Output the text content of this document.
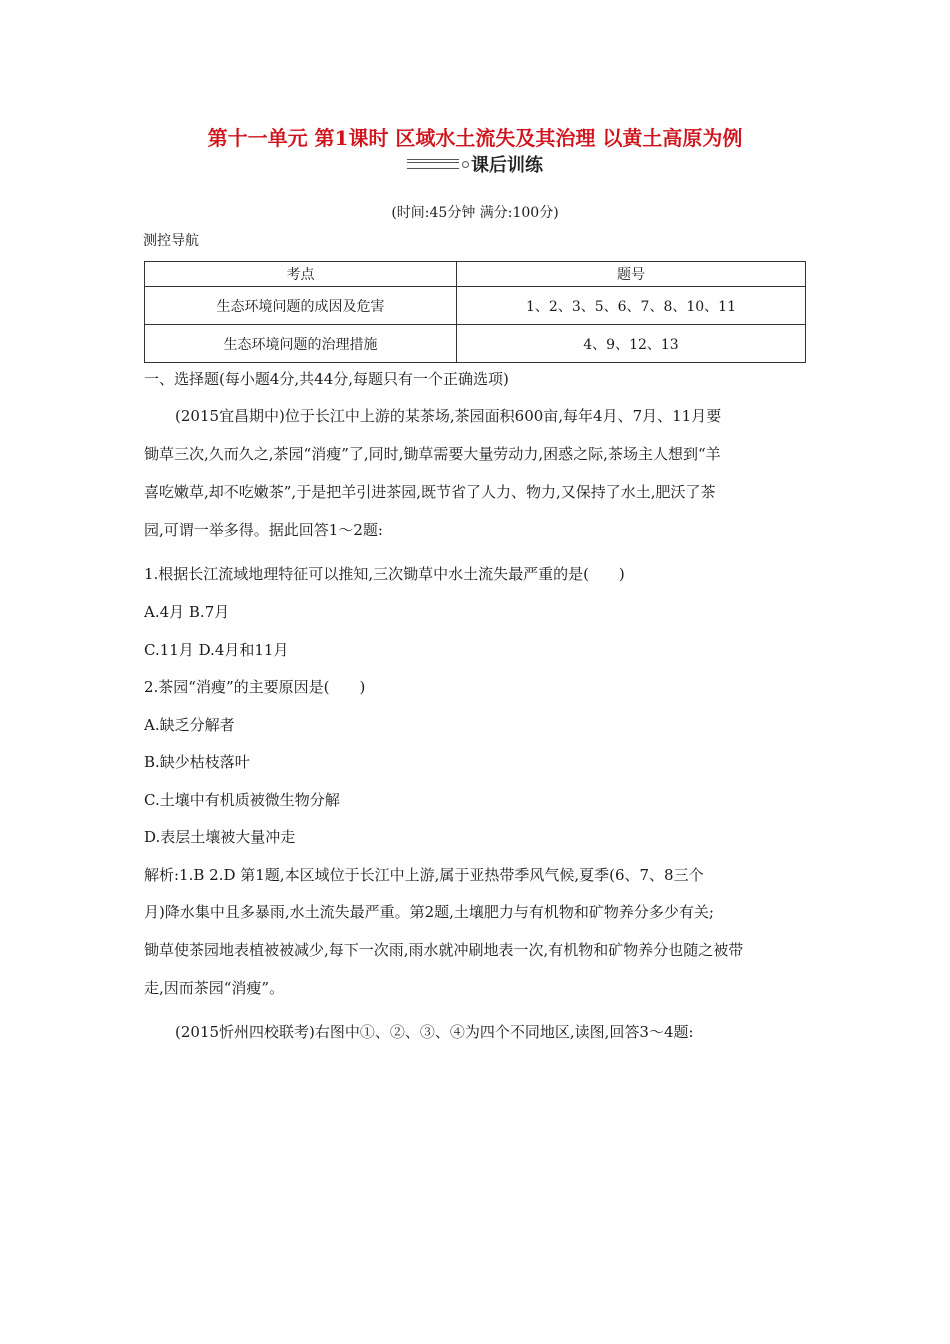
第十一单元 第1课时 区域水土流失及其治理 以黄土高原为例
课后训练
(时间:45分钟 满分:100分)
测控导航
考点	题号
生态环境问题的成因及危害	1、2、3、5、6、7、8、10、11
生态环境问题的治理措施	4、9、12、13
一、选择题(每小题4分,共44分,每题只有一个正确选项)
(2015宜昌期中)位于长江中上游的某茶场,茶园面积600亩,每年4月、7月、11月要
锄草三次,久而久之,茶园“消瘦”了,同时,锄草需要大量劳动力,困惑之际,茶场主人想到“羊
喜吃嫩草,却不吃嫩茶”,于是把羊引进茶园,既节省了人力、物力,又保持了水土,肥沃了茶
园,可谓一举多得。据此回答1～2题:
1.根据长江流域地理特征可以推知,三次锄草中水土流失最严重的是(　　)
A.4月 B.7月
C.11月 D.4月和11月
2.茶园“消瘦”的主要原因是(　　)
A.缺乏分解者
B.缺少枯枝落叶
C.土壤中有机质被微生物分解
D.表层土壤被大量冲走
解析:1.B 2.D 第1题,本区域位于长江中上游,属于亚热带季风气候,夏季(6、7、8三个
月)降水集中且多暴雨,水土流失最严重。第2题,土壤肥力与有机物和矿物养分多少有关;
锄草使茶园地表植被被减少,每下一次雨,雨水就冲刷地表一次,有机物和矿物养分也随之被带
走,因而茶园“消瘦”。
(2015忻州四校联考)右图中①、②、③、④为四个不同地区,读图,回答3～4题:
